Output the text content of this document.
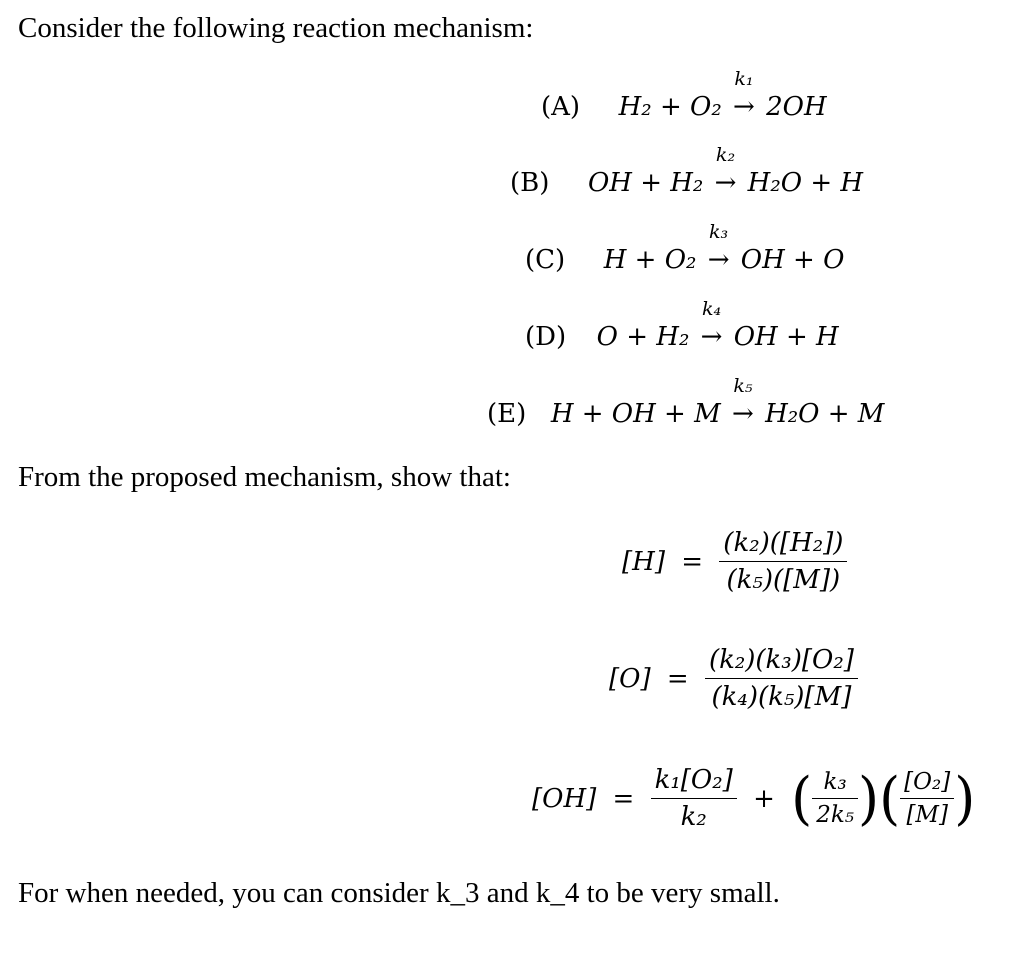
Consider the following reaction mechanism:
(A) H₂ + O₂
k₁
→ 2OH
(B) OH + H₂
k₂
→ H₂O + H
(C) H + O₂
k₃
→ OH + O
(D) O + H₂
k₄
→ OH + H
(E) H + OH + M
k₅
→ H₂O + M
From the proposed mechanism, show that:
$[H] = \frac{\text{(k₂)([H₂])}}{\text{(k₅)([M])}}$
$[O] = \frac{\text{(k₂)(k₃)[O₂]}}{\text{(k₄)(k₅)[M]}}$
$[OH] = \frac{\text{k₁[O₂]}}{\text{k₂}}$ + ( $\frac{\text{k₃}}{\text{2k₅}}$ )( $\frac{\text{[O₂]}}{[M]}$ )
For when needed, you can consider k_3 and k_4 to be very small.
